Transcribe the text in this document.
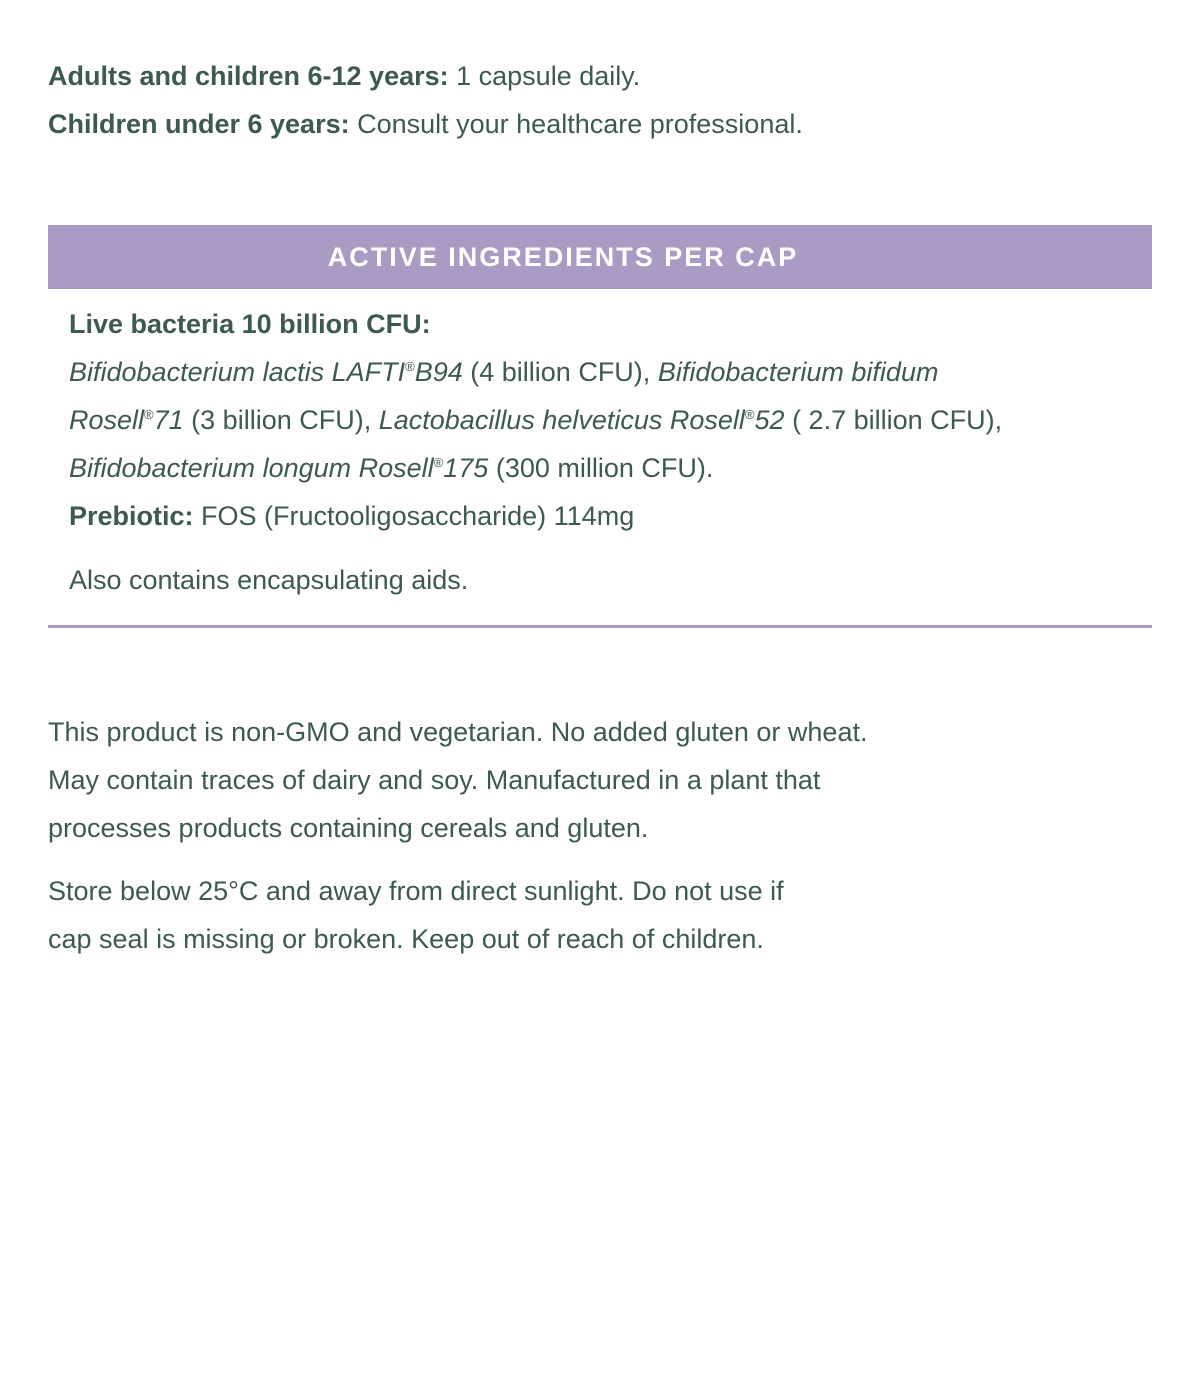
Adults and children 6-12 years: 1 capsule daily.
Children under 6 years: Consult your healthcare professional.
ACTIVE INGREDIENTS PER CAP
Live bacteria 10 billion CFU:
Bifidobacterium lactis LAFTI®B94 (4 billion CFU), Bifidobacterium bifidum
Rosell®71 (3 billion CFU), Lactobacillus helveticus Rosell®52 ( 2.7 billion CFU),
Bifidobacterium longum Rosell®175 (300 million CFU).
Prebiotic: FOS (Fructooligosaccharide) 114mg
Also contains encapsulating aids.
This product is non-GMO and vegetarian. No added gluten or wheat.
May contain traces of dairy and soy. Manufactured in a plant that
processes products containing cereals and gluten.
Store below 25°C and away from direct sunlight. Do not use if
cap seal is missing or broken. Keep out of reach of children.
